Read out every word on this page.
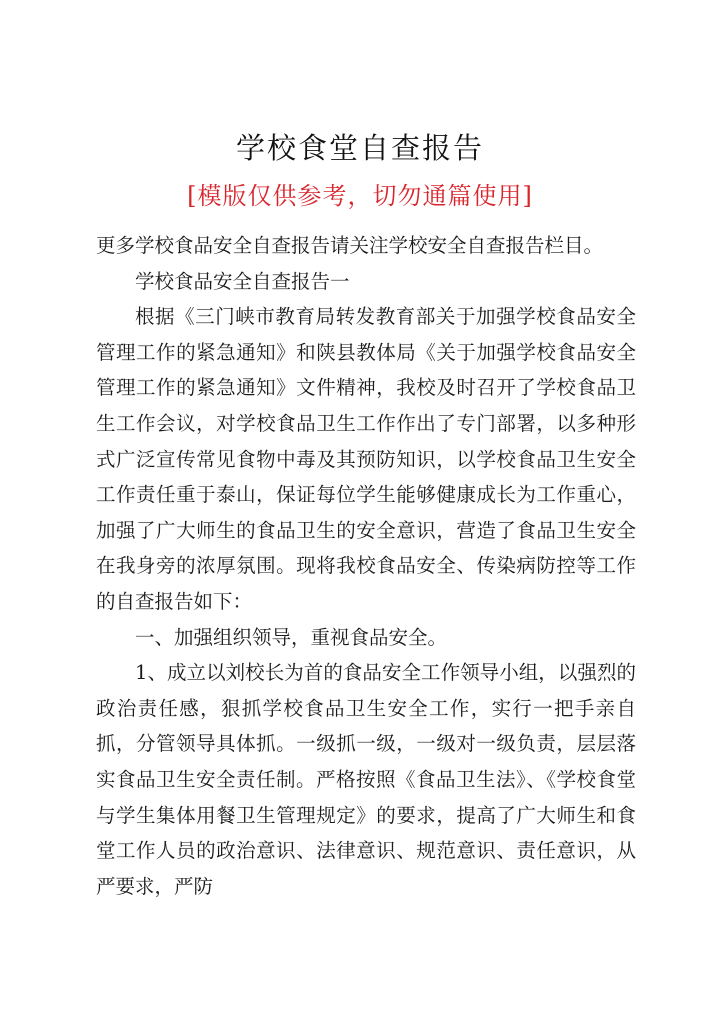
学校食堂自查报告
[模版仅供参考，切勿通篇使用]

更多学校食品安全自查报告请关注学校安全自查报告栏目。

学校食品安全自查报告一

根据《三门峡市教育局转发教育部关于加强学校食品安全管理工作的紧急通知》和陕县教体局《关于加强学校食品安全管理工作的紧急通知》文件精神，我校及时召开了学校食品卫生工作会议，对学校食品卫生工作作出了专门部署，以多种形式广泛宣传常见食物中毒及其预防知识，以学校食品卫生安全工作责任重于泰山，保证每位学生能够健康成长为工作重心，加强了广大师生的食品卫生的安全意识，营造了食品卫生安全在我身旁的浓厚氛围。现将我校食品安全、传染病防控等工作的自查报告如下：

一、加强组织领导，重视食品安全。

1、成立以刘校长为首的食品安全工作领导小组，以强烈的政治责任感，狠抓学校食品卫生安全工作，实行一把手亲自抓，分管领导具体抓。一级抓一级，一级对一级负责，层层落实食品卫生安全责任制。严格按照《食品卫生法》、《学校食堂与学生集体用餐卫生管理规定》的要求，提高了广大师生和食堂工作人员的政治意识、法律意识、规范意识、责任意识，从严要求，严防
